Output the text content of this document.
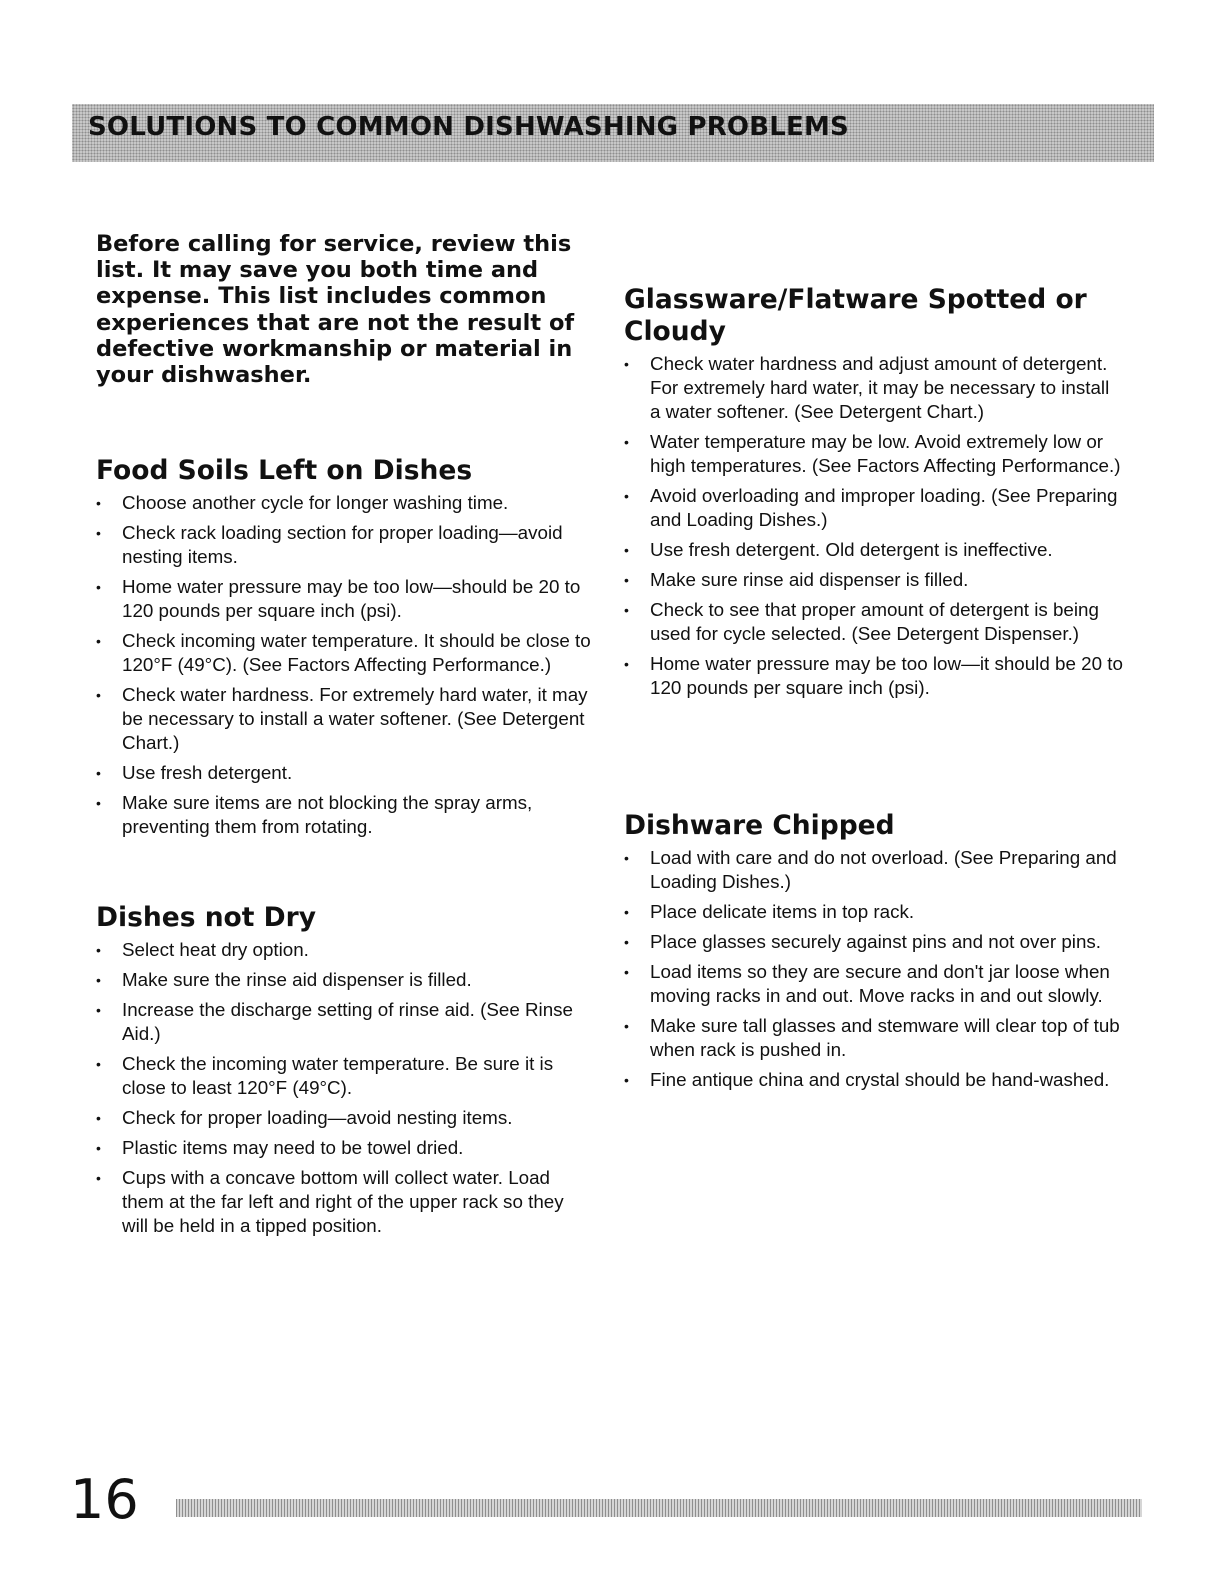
SOLUTIONS TO COMMON DISHWASHING PROBLEMS

Before calling for service, review this list. It may save you both time and expense. This list includes common experiences that are not the result of defective workmanship or material in your dishwasher.

Food Soils Left on Dishes
•	Choose another cycle for longer washing time.
•	Check rack loading section for proper loading—avoid nesting items.
•	Home water pressure may be too low—should be 20 to 120 pounds per square inch (psi).
•	Check incoming water temperature. It should be close to 120°F (49°C). (See Factors Affecting Performance.)
•	Check water hardness. For extremely hard water, it may be necessary to install a water softener. (See Detergent Chart.)
•	Use fresh detergent.
•	Make sure items are not blocking the spray arms, preventing them from rotating.
Dishes not Dry
•	Select heat dry option.
•	Make sure the rinse aid dispenser is filled.
•	Increase the discharge setting of rinse aid. (See Rinse Aid.)
•	Check the incoming water temperature. Be sure it is close to least 120°F (49°C).
•	Check for proper loading—avoid nesting items.
•	Plastic items may need to be towel dried.
•	Cups with a concave bottom will collect water. Load them at the far left and right of the upper rack so they will be held in a tipped position.
Glassware/Flatware Spotted or Cloudy
•	Check water hardness and adjust amount of detergent. For extremely hard water, it may be necessary to install a water softener. (See Detergent Chart.)
•	Water temperature may be low. Avoid extremely low or high temperatures. (See Factors Affecting Performance.)
•	Avoid overloading and improper loading. (See Preparing and Loading Dishes.)
•	Use fresh detergent. Old detergent is ineffective.
•	Make sure rinse aid dispenser is filled.
•	Check to see that proper amount of detergent is being used for cycle selected. (See Detergent Dispenser.)
•	Home water pressure may be too low—it should be 20 to 120 pounds per square inch (psi).
Dishware Chipped
•	Load with care and do not overload. (See Preparing and Loading Dishes.)
•	Place delicate items in top rack.
•	Place glasses securely against pins and not over pins.
•	Load items so they are secure and don't jar loose when moving racks in and out. Move racks in and out slowly.
•	Make sure tall glasses and stemware will clear top of tub when rack is pushed in.
•	Fine antique china and crystal should be hand-washed.
16
